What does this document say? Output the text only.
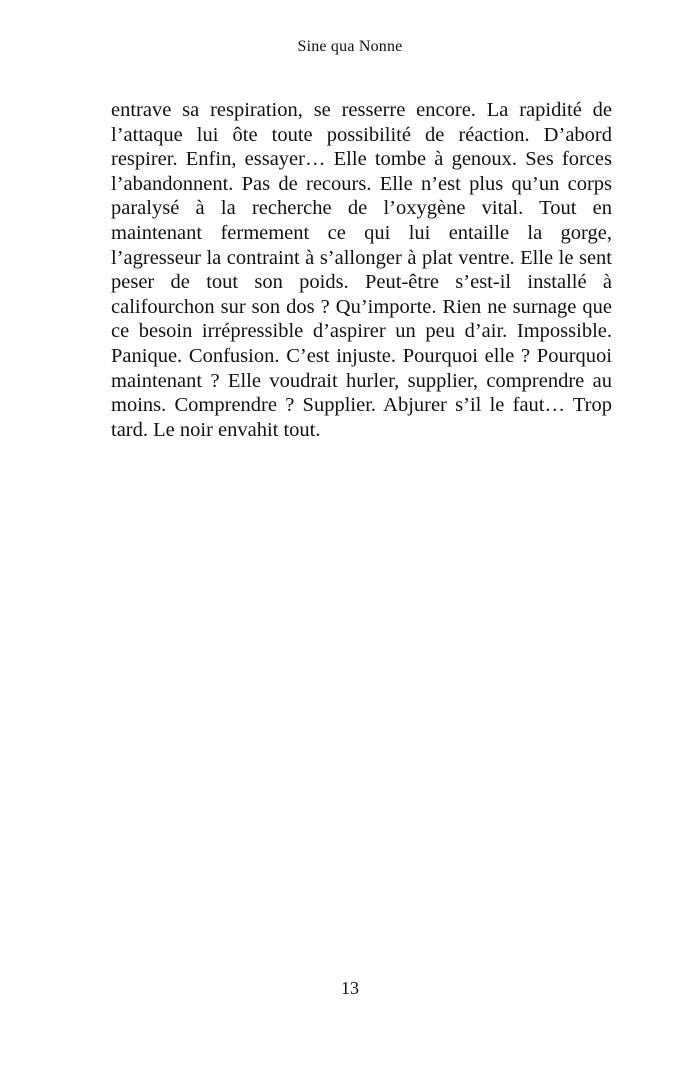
Sine qua Nonne

entrave sa respiration, se resserre encore. La rapidité de l’attaque lui ôte toute possibilité de réaction. D’abord respirer. Enfin, essayer… Elle tombe à genoux. Ses forces l’abandonnent. Pas de recours. Elle n’est plus qu’un corps paralysé à la recherche de l’oxygène vital. Tout en maintenant fermement ce qui lui entaille la gorge, l’agresseur la contraint à s’allonger à plat ventre. Elle le sent peser de tout son poids. Peut-être s’est-il installé à califourchon sur son dos ? Qu’importe. Rien ne surnage que ce besoin irrépressible d’aspirer un peu d’air. Impossible. Panique. Confusion. C’est injuste. Pourquoi elle ? Pourquoi maintenant ? Elle voudrait hurler, supplier, comprendre au moins. Comprendre ? Supplier. Abjurer s’il le faut… Trop tard. Le noir envahit tout.

13
